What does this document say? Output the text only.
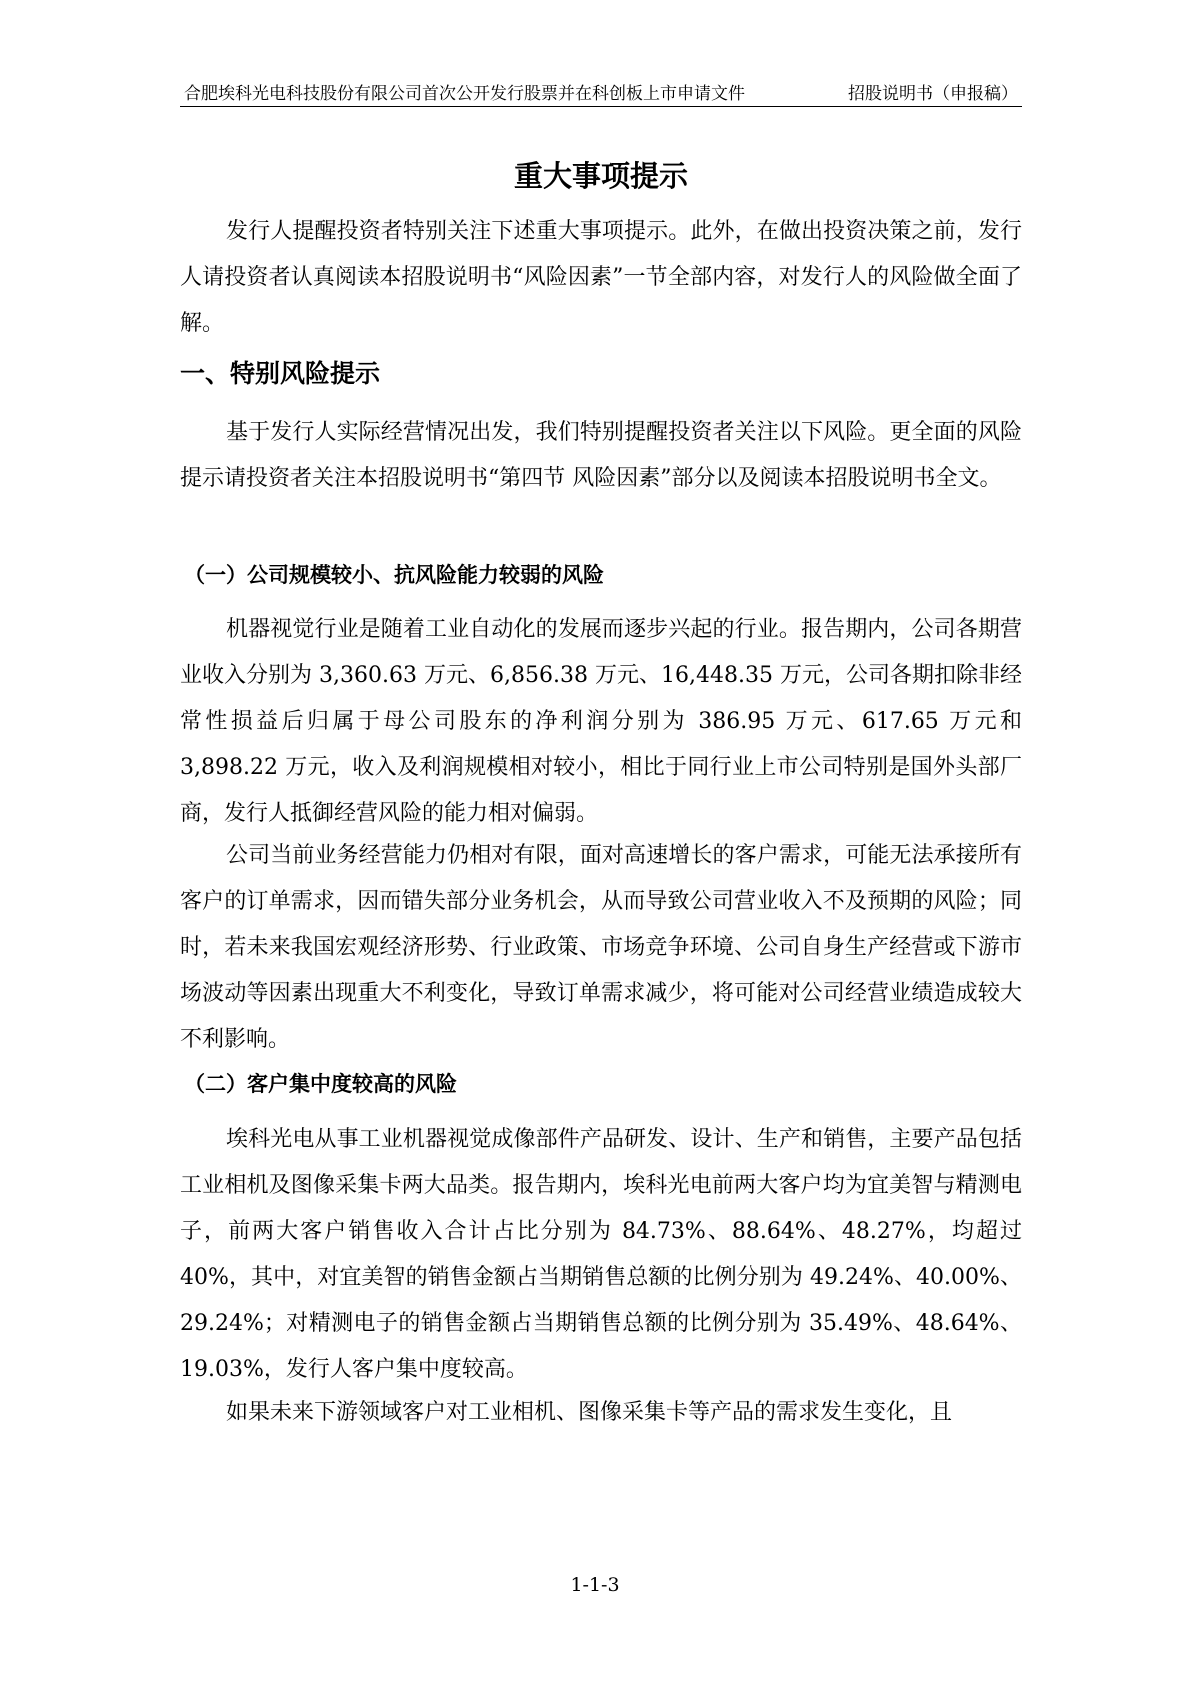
合肥埃科光电科技股份有限公司首次公开发行股票并在科创板上市申请文件	招股说明书（申报稿）
重大事项提示

发行人提醒投资者特别关注下述重大事项提示。此外，在做出投资决策之前，发行人请投资者认真阅读本招股说明书“风险因素”一节全部内容，对发行人的风险做全面了解。

一、特别风险提示

基于发行人实际经营情况出发，我们特别提醒投资者关注以下风险。更全面的风险提示请投资者关注本招股说明书“第四节 风险因素”部分以及阅读本招股说明书全文。

（一）公司规模较小、抗风险能力较弱的风险

机器视觉行业是随着工业自动化的发展而逐步兴起的行业。报告期内，公司各期营业收入分别为 3,360.63 万元、6,856.38 万元、16,448.35 万元，公司各期扣除非经常性损益后归属于母公司股东的净利润分别为 386.95 万元、617.65 万元和 3,898.22 万元，收入及利润规模相对较小，相比于同行业上市公司特别是国外头部厂商，发行人抵御经营风险的能力相对偏弱。

公司当前业务经营能力仍相对有限，面对高速增长的客户需求，可能无法承接所有客户的订单需求，因而错失部分业务机会，从而导致公司营业收入不及预期的风险；同时，若未来我国宏观经济形势、行业政策、市场竞争环境、公司自身生产经营或下游市场波动等因素出现重大不利变化，导致订单需求减少，将可能对公司经营业绩造成较大不利影响。

（二）客户集中度较高的风险

埃科光电从事工业机器视觉成像部件产品研发、设计、生产和销售，主要产品包括工业相机及图像采集卡两大品类。报告期内，埃科光电前两大客户均为宜美智与精测电子，前两大客户销售收入合计占比分别为 84.73%、88.64%、48.27%，均超过 40%，其中，对宜美智的销售金额占当期销售总额的比例分别为 49.24%、40.00%、29.24%；对精测电子的销售金额占当期销售总额的比例分别为 35.49%、48.64%、19.03%，发行人客户集中度较高。

如果未来下游领域客户对工业相机、图像采集卡等产品的需求发生变化，且

1-1-3
